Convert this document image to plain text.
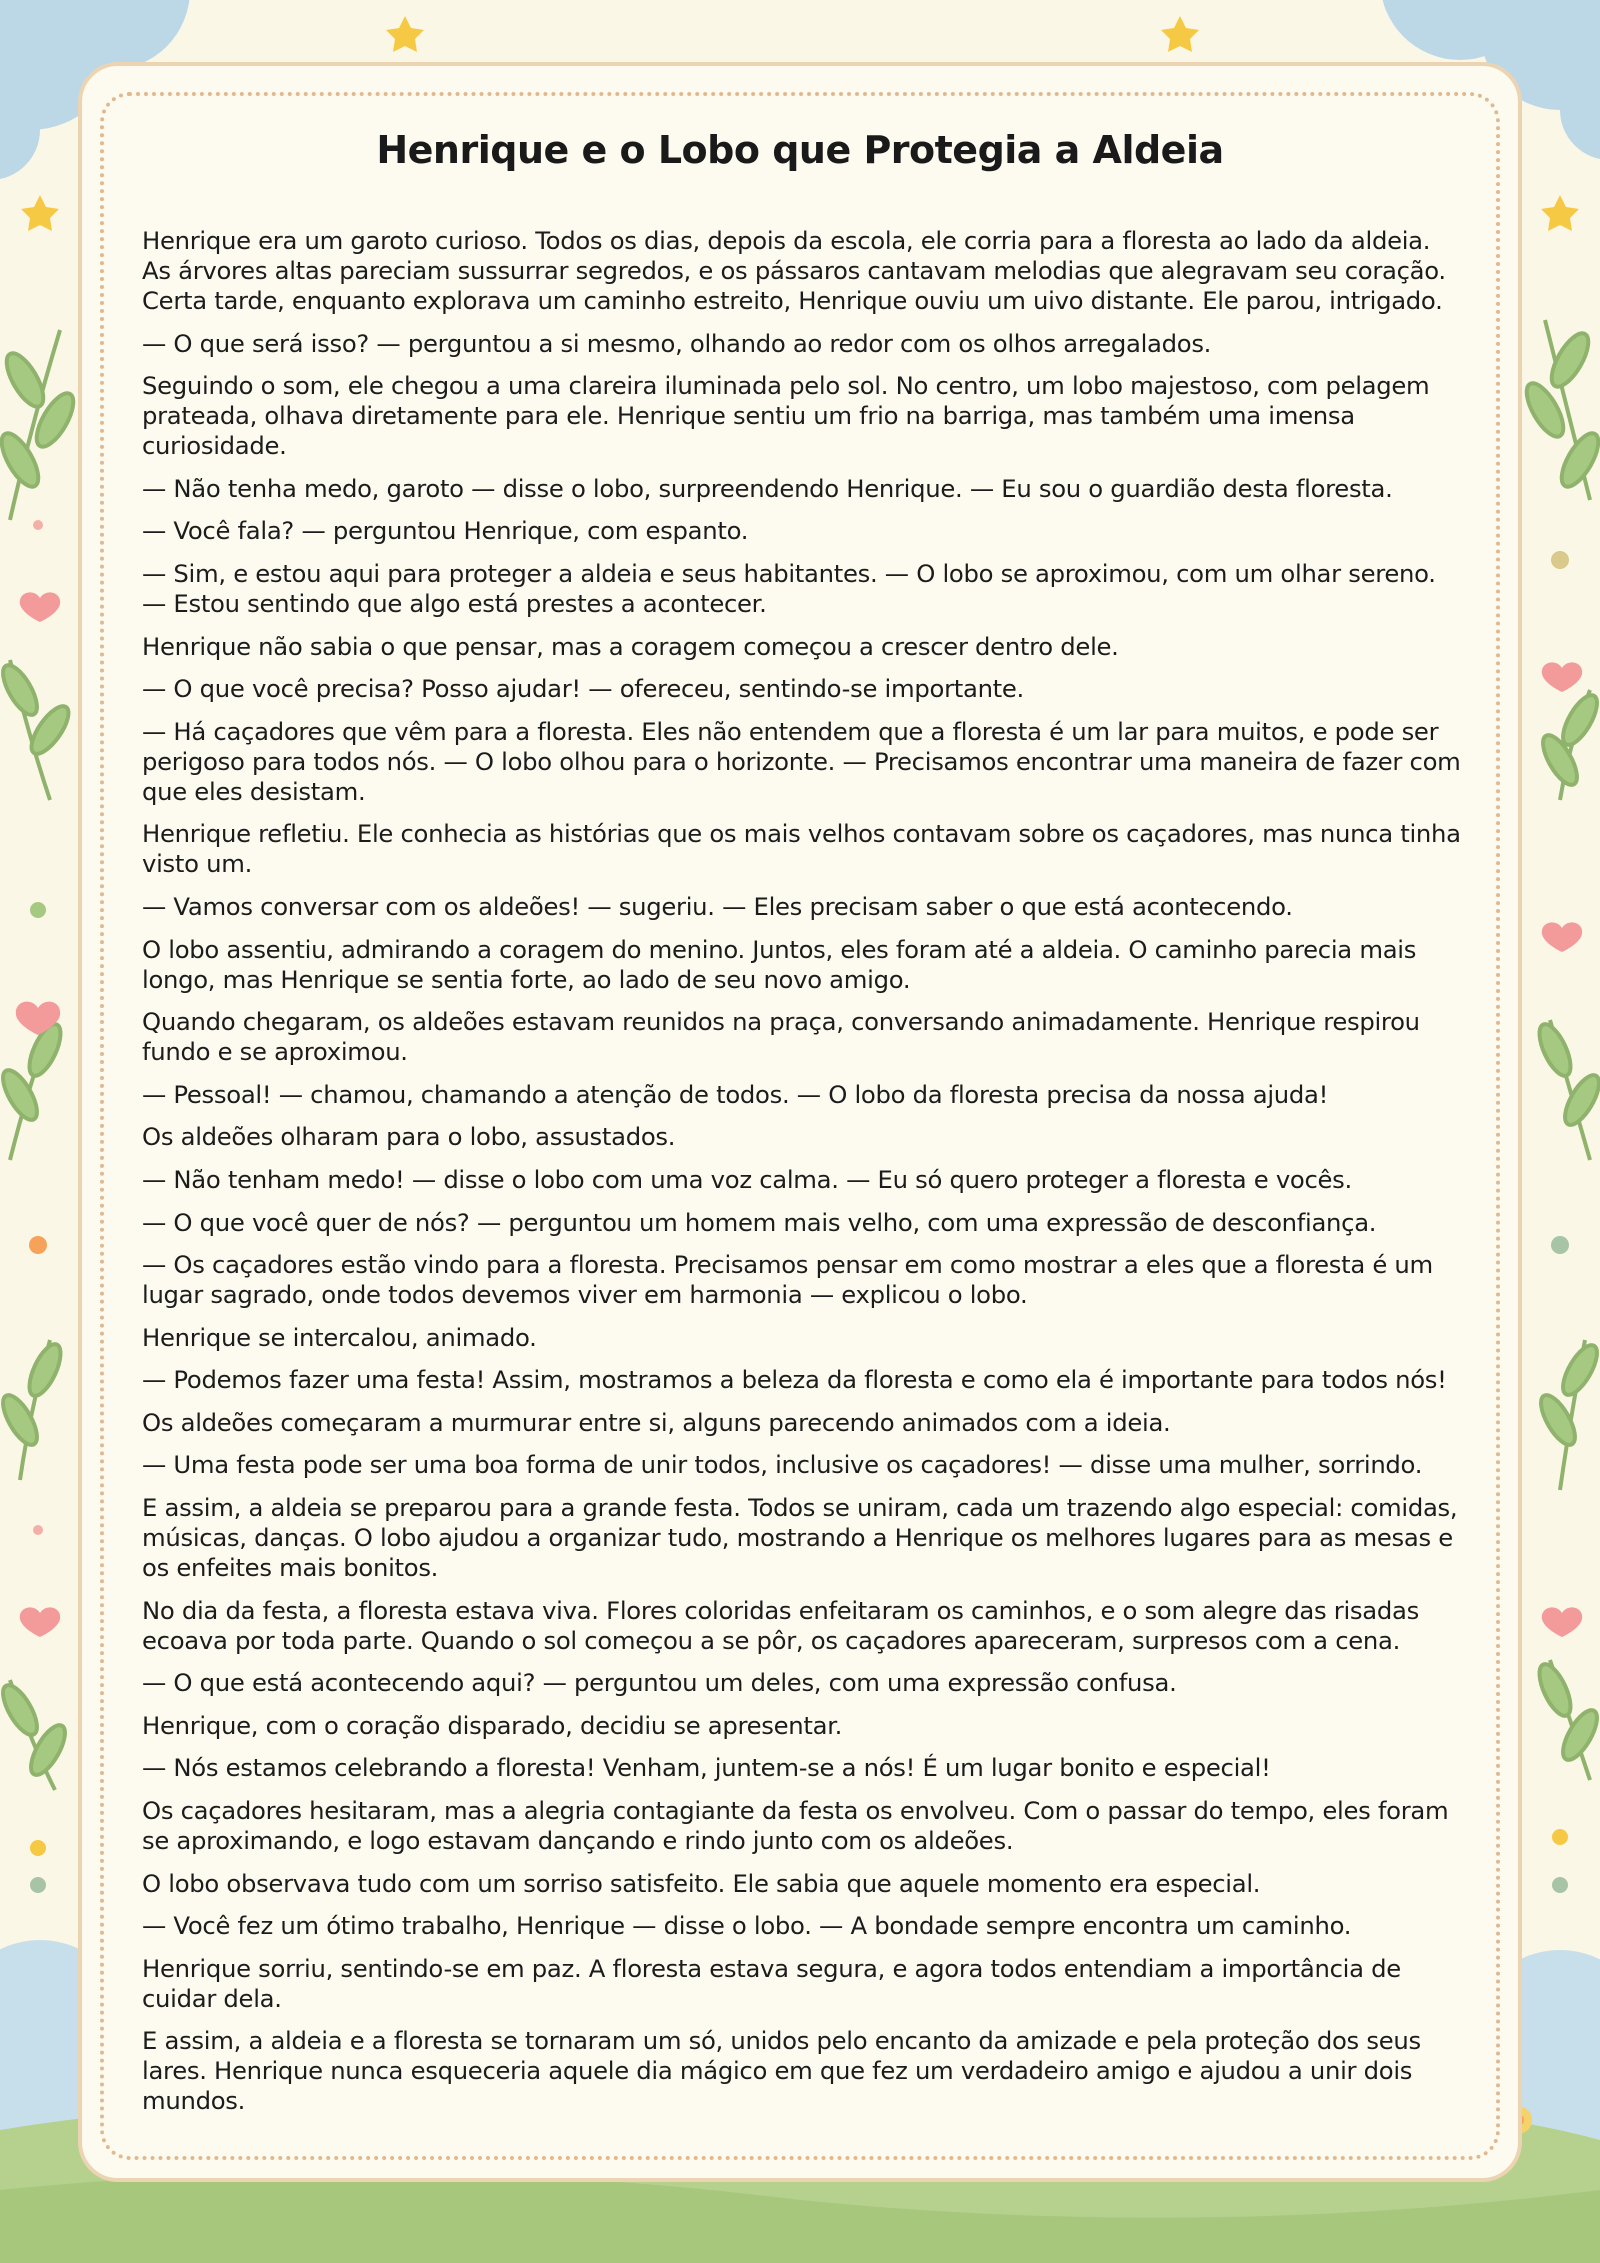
Henrique e o Lobo que Protegia a Aldeia

Henrique era um garoto curioso. Todos os dias, depois da escola, ele corria para a floresta ao lado da aldeia. As árvores altas pareciam sussurrar segredos, e os pássaros cantavam melodias que alegravam seu coração. Certa tarde, enquanto explorava um caminho estreito, Henrique ouviu um uivo distante. Ele parou, intrigado.

— O que será isso? — perguntou a si mesmo, olhando ao redor com os olhos arregalados.

Seguindo o som, ele chegou a uma clareira iluminada pelo sol. No centro, um lobo majestoso, com pelagem prateada, olhava diretamente para ele. Henrique sentiu um frio na barriga, mas também uma imensa curiosidade.

— Não tenha medo, garoto — disse o lobo, surpreendendo Henrique. — Eu sou o guardião desta floresta.

— Você fala? — perguntou Henrique, com espanto.

— Sim, e estou aqui para proteger a aldeia e seus habitantes. — O lobo se aproximou, com um olhar sereno. — Estou sentindo que algo está prestes a acontecer.

Henrique não sabia o que pensar, mas a coragem começou a crescer dentro dele.

— O que você precisa? Posso ajudar! — ofereceu, sentindo-se importante.

— Há caçadores que vêm para a floresta. Eles não entendem que a floresta é um lar para muitos, e pode ser perigoso para todos nós. — O lobo olhou para o horizonte. — Precisamos encontrar uma maneira de fazer com que eles desistam.

Henrique refletiu. Ele conhecia as histórias que os mais velhos contavam sobre os caçadores, mas nunca tinha visto um.

— Vamos conversar com os aldeões! — sugeriu. — Eles precisam saber o que está acontecendo.

O lobo assentiu, admirando a coragem do menino. Juntos, eles foram até a aldeia. O caminho parecia mais longo, mas Henrique se sentia forte, ao lado de seu novo amigo.

Quando chegaram, os aldeões estavam reunidos na praça, conversando animadamente. Henrique respirou fundo e se aproximou.

— Pessoal! — chamou, chamando a atenção de todos. — O lobo da floresta precisa da nossa ajuda!

Os aldeões olharam para o lobo, assustados.

— Não tenham medo! — disse o lobo com uma voz calma. — Eu só quero proteger a floresta e vocês.

— O que você quer de nós? — perguntou um homem mais velho, com uma expressão de desconfiança.

— Os caçadores estão vindo para a floresta. Precisamos pensar em como mostrar a eles que a floresta é um lugar sagrado, onde todos devemos viver em harmonia — explicou o lobo.

Henrique se intercalou, animado.

— Podemos fazer uma festa! Assim, mostramos a beleza da floresta e como ela é importante para todos nós!

Os aldeões começaram a murmurar entre si, alguns parecendo animados com a ideia.

— Uma festa pode ser uma boa forma de unir todos, inclusive os caçadores! — disse uma mulher, sorrindo.

E assim, a aldeia se preparou para a grande festa. Todos se uniram, cada um trazendo algo especial: comidas, músicas, danças. O lobo ajudou a organizar tudo, mostrando a Henrique os melhores lugares para as mesas e os enfeites mais bonitos.

No dia da festa, a floresta estava viva. Flores coloridas enfeitaram os caminhos, e o som alegre das risadas ecoava por toda parte. Quando o sol começou a se pôr, os caçadores apareceram, surpresos com a cena.

— O que está acontecendo aqui? — perguntou um deles, com uma expressão confusa.

Henrique, com o coração disparado, decidiu se apresentar.

— Nós estamos celebrando a floresta! Venham, juntem-se a nós! É um lugar bonito e especial!

Os caçadores hesitaram, mas a alegria contagiante da festa os envolveu. Com o passar do tempo, eles foram se aproximando, e logo estavam dançando e rindo junto com os aldeões.

O lobo observava tudo com um sorriso satisfeito. Ele sabia que aquele momento era especial.

— Você fez um ótimo trabalho, Henrique — disse o lobo. — A bondade sempre encontra um caminho.

Henrique sorriu, sentindo-se em paz. A floresta estava segura, e agora todos entendiam a importância de cuidar dela.

E assim, a aldeia e a floresta se tornaram um só, unidos pelo encanto da amizade e pela proteção dos seus lares. Henrique nunca esqueceria aquele dia mágico em que fez um verdadeiro amigo e ajudou a unir dois mundos.
